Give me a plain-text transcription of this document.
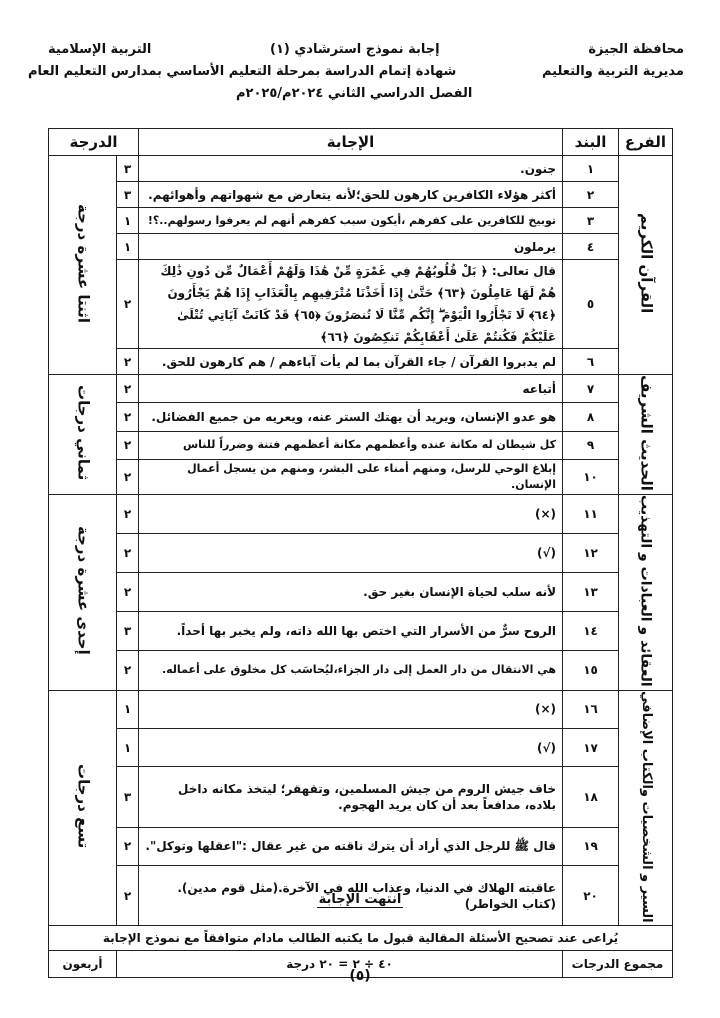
محافظة الجيزة
إجابة نموذج استرشادي (١)
التربية الإسلامية
مديرية التربية والتعليم
شهادة إتمام الدراسة بمرحلة التعليم الأساسي بمدارس التعليم العام
الفصل الدراسي الثاني ٢٠٢٤م/٢٠٢٥م
الفرع	البند	الإجابة	الدرجة	
القرآن الكريم	١	جنون.	٣	اثنتا عشرة درجة
	٢	أكثر هؤلاء الكافرين كارهون للحق؛لأنه يتعارض مع شهواتهم وأهوائهم.	٣	
	٣	توبيخ للكافرين على كفرهم ،أيكون سبب كفرهم أنهم لم يعرفوا رسولهم..؟!	١	
	٤	يرملون	١	
	٥	قال تعالى: ﴿ بَلْ قُلُوبُهُمْ فِي غَمْرَةٍ مِّنْ هَٰذَا وَلَهُمْ أَعْمَالٌ مِّن دُونِ ذَٰلِكَ هُمْ لَهَا عَامِلُونَ ﴿٦٣﴾ حَتَّىٰ إِذَا أَخَذْنَا مُتْرَفِيهِم بِالْعَذَابِ إِذَا هُمْ يَجْأَرُونَ ﴿٦٤﴾ لَا تَجْأَرُوا الْيَوْمَ ۖ إِنَّكُم مِّنَّا لَا تُنصَرُونَ ﴿٦٥﴾ قَدْ كَانَتْ آيَاتِي تُتْلَىٰ عَلَيْكُمْ فَكُنتُمْ عَلَىٰ أَعْقَابِكُمْ تَنكِصُونَ ﴿٦٦﴾	٢	
	٦	لم يدبروا القرآن / جاء القرآن بما لم يأت آباءهم / هم كارهون للحق.	٢	
الحديث الشريف	٧	أتباعه	٢	ثماني درجات
	٨	هو عدو الإنسان، ويريد أن يهتك الستر عنه، ويعريه من جميع الفضائل.	٢	
	٩	كل شيطان له مكانة عنده وأعظمهم مكانة أعظمهم فتنة وضرراً للناس	٢	
	١٠	إبلاغ الوحي للرسل، ومنهم أمناء على البشر، ومنهم من يسجل أعمال الإنسان.	٢	
العقائد و العبادات و التهذيب	١١	(×)	٢	إحدى عشرة درجة
	١٢	(√)	٢	
	١٣	لأنه سلب لحياة الإنسان بغير حق.	٢	
	١٤	الروح سرٌّ من الأسرار التي اختص بها الله ذاته، ولم يخبر بها أحداً.	٣	
	١٥	هي الانتقال من دار العمل إلى دار الجزاء،ليُحاسَب كل مخلوق على أعماله.	٢	
السير و الشخصيات والكتاب الإضافي	١٦	(×)	١	تسع درجات
	١٧	(√)	١	
	١٨	خاف جيش الروم من جيش المسلمين، وتقهقر؛ ليتخذ مكانه داخل بلاده، مدافعاً بعد أن كان يريد الهجوم.	٣	
	١٩	قال ﷺ للرجل الذي أراد أن يترك ناقته من غير عقال :"اعقلها وتوكل".	٢	
	٢٠	عاقبته الهلاك في الدنيا، وعذاب الله في الآخرة.(مثل قوم مدين). (كتاب الخواطر)	٢	
يُراعى عند تصحيح الأسئلة المقالية قبول ما يكتبه الطالب مادام متوافقاً مع نموذج الإجابة				
مجموع الدرجات		٤٠ ÷ ٢ = ٢٠ درجة		أربعون
انتهت الإجابة
(٥)
